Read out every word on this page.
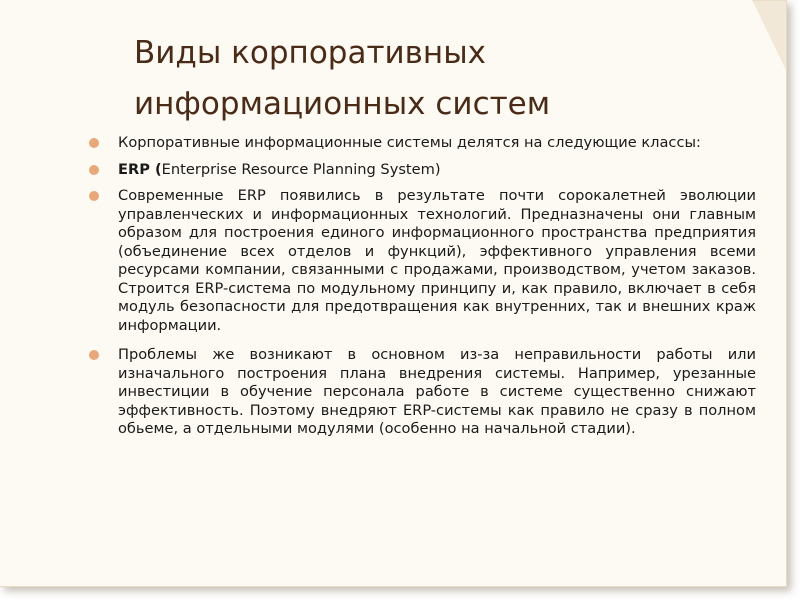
Виды корпоративных
информационных систем
Корпоративные информационные системы делятся на следующие классы:
ERP (Enterprise Resource Planning System)
Современные ERP появились в результате почти сорокалетней эволюции управленческих и информационных технологий. Предназначены они главным образом для построения единого информационного пространства предприятия (объединение всех отделов и функций), эффективного управления всеми ресурсами компании, связанными с продажами, производством, учетом заказов. Строится ERP-система по модульному принципу и, как правило, включает в себя модуль безопасности для предотвращения как внутренних, так и внешних краж информации.
Проблемы же возникают в основном из-за неправильности работы или изначального построения плана внедрения системы. Например, урезанные инвестиции в обучение персонала работе в системе существенно снижают эффективность. Поэтому внедряют ERP-системы как правило не сразу в полном обьеме, а отдельными модулями (особенно на начальной стадии).
